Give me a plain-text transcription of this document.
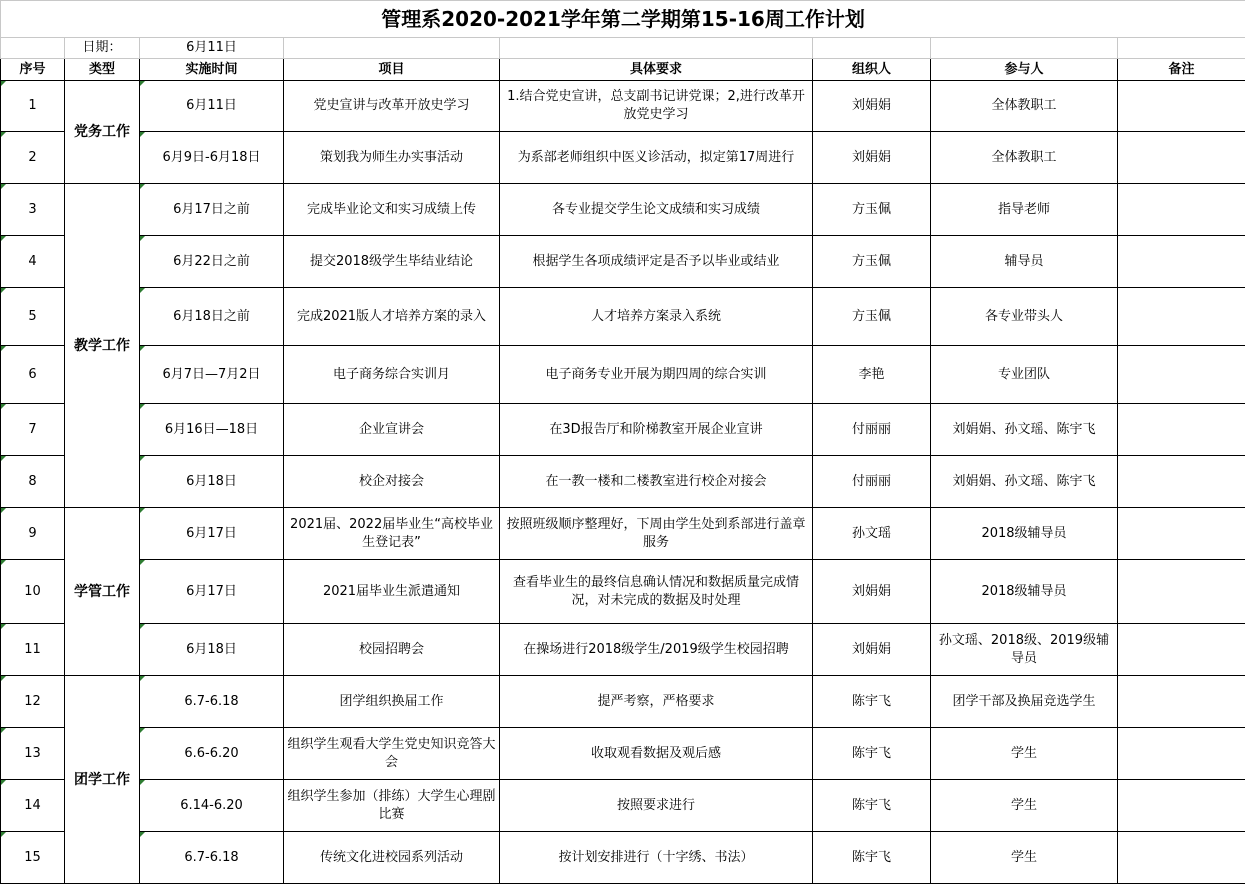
管理系2020-2021学年第二学期第15-16周工作计划							
	日期：	6月11日					
序号	类型	实施时间	项目	具体要求	组织人	参与人	备注

1	党务工作	6月11日	党史宣讲与改革开放史学习	1.结合党史宣讲，总支副书记讲党课；2,进行改革开放党史学习	刘娟娟	全体教职工	

2		6月9日-6月18日	策划我为师生办实事活动	为系部老师组织中医义诊活动，拟定第17周进行	刘娟娟	全体教职工	

3	教学工作	6月17日之前	完成毕业论文和实习成绩上传	各专业提交学生论文成绩和实习成绩	方玉佩	指导老师	

4		6月22日之前	提交2018级学生毕结业结论	根据学生各项成绩评定是否予以毕业或结业	方玉佩	辅导员	

5		6月18日之前	完成2021版人才培养方案的录入	人才培养方案录入系统	方玉佩	各专业带头人	

6		6月7日—7月2日	电子商务综合实训月	电子商务专业开展为期四周的综合实训	李艳	专业团队	

7		6月16日—18日	企业宣讲会	在3D报告厅和阶梯教室开展企业宣讲	付丽丽	刘娟娟、孙文瑶、陈宇飞	

8		6月18日	校企对接会	在一教一楼和二楼教室进行校企对接会	付丽丽	刘娟娟、孙文瑶、陈宇飞	

9	学管工作	6月17日	2021届、2022届毕业生“高校毕业生登记表”	按照班级顺序整理好，下周由学生处到系部进行盖章服务	孙文瑶	2018级辅导员	

10		6月17日	2021届毕业生派遣通知	查看毕业生的最终信息确认情况和数据质量完成情况，对未完成的数据及时处理	刘娟娟	2018级辅导员	

11		6月18日	校园招聘会	在操场进行2018级学生/2019级学生校园招聘	刘娟娟	孙文瑶、2018级、2019级辅导员	

12	团学工作	6.7-6.18	团学组织换届工作	提严考察，严格要求	陈宇飞	团学干部及换届竞选学生	

13		6.6-6.20	组织学生观看大学生党史知识竞答大会	收取观看数据及观后感	陈宇飞	学生	

14		6.14-6.20	组织学生参加（排练）大学生心理剧比赛	按照要求进行	陈宇飞	学生	

15		6.7-6.18	传统文化进校园系列活动	按计划安排进行（十字绣、书法）	陈宇飞	学生	
